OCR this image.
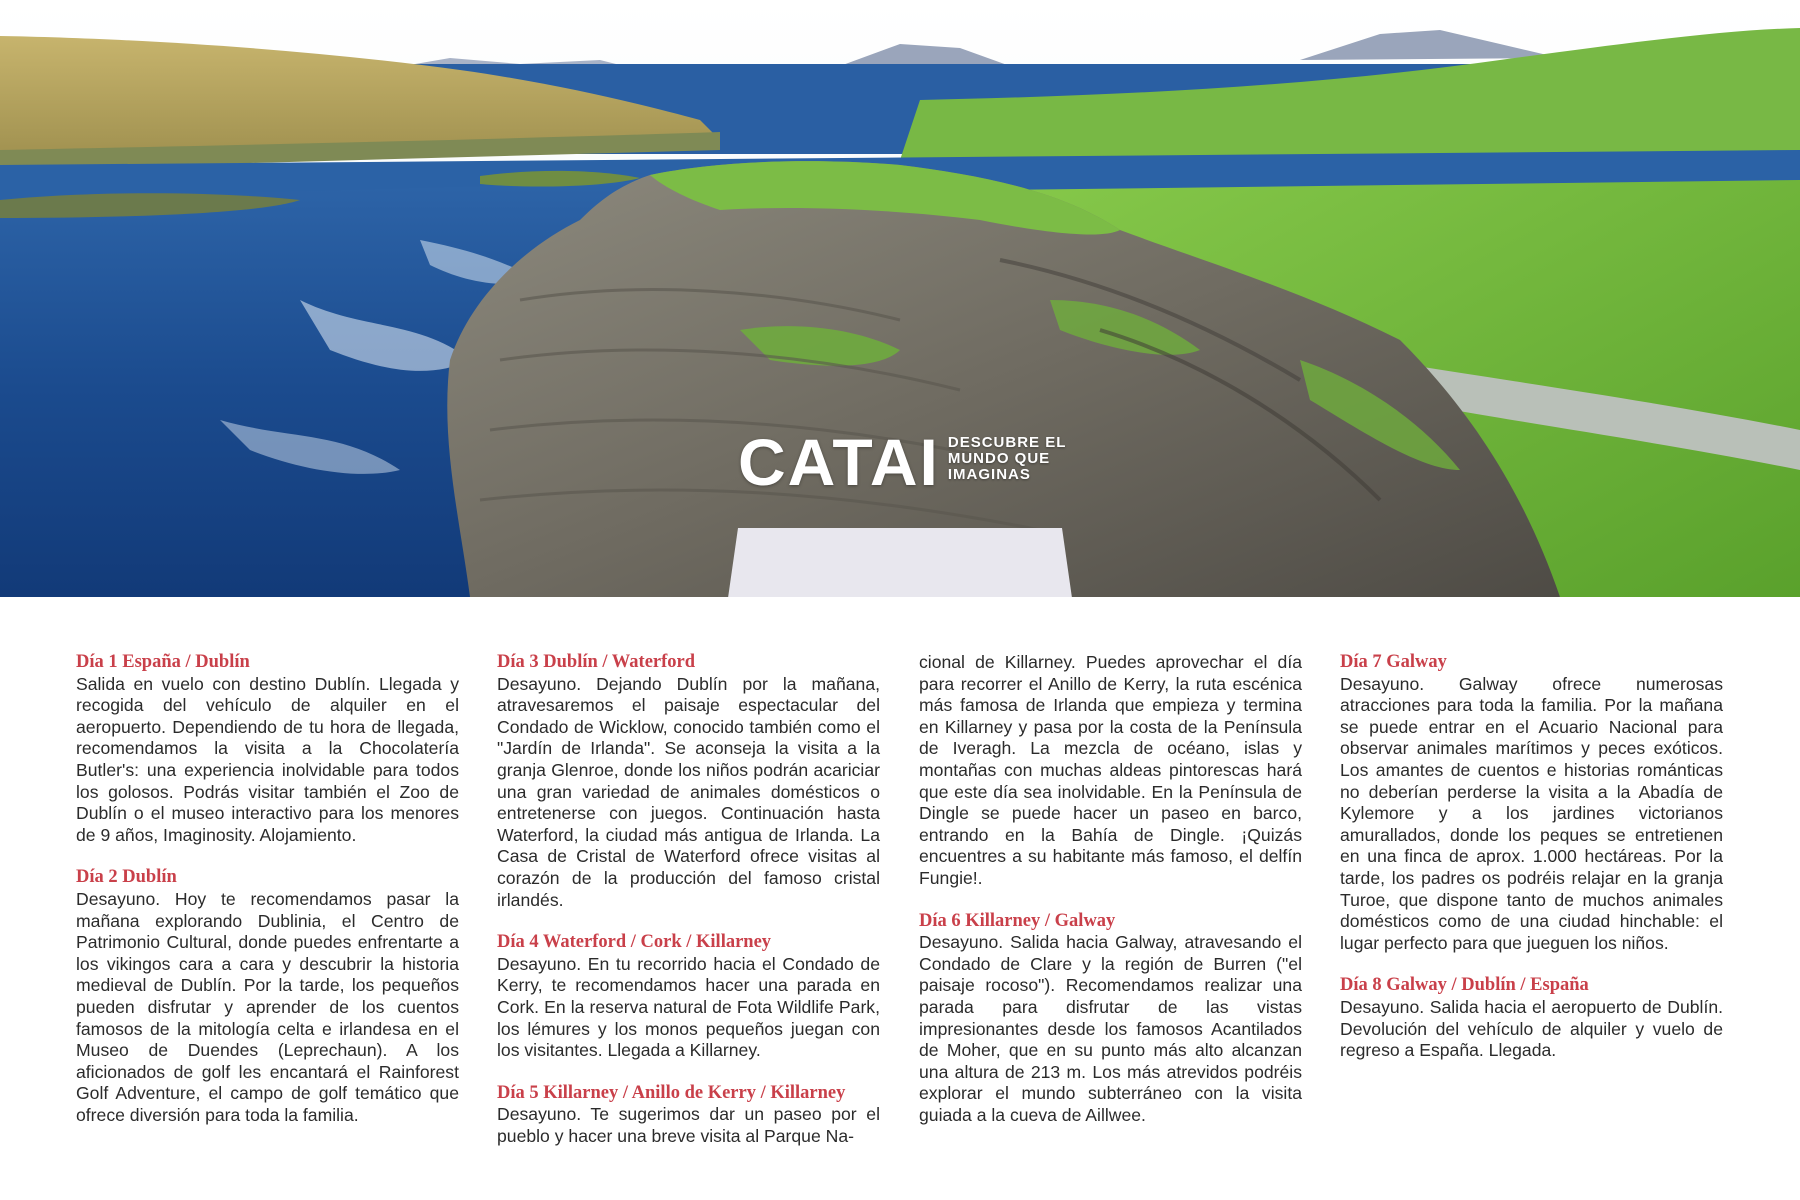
CATAI DESCUBRE EL
MUNDO QUE
IMAGINAS
Día 1 España / Dublín

Salida en vuelo con destino Dublín. Llegada y recogida del vehículo de alquiler en el aeropuerto. Dependiendo de tu hora de llegada, recomendamos la visita a la Chocolatería Butler's: una experiencia inolvidable para todos los golosos. Podrás visitar también el Zoo de Dublín o el museo interactivo para los menores de 9 años, Imaginosity. Alojamiento.

Día 2 Dublín

Desayuno. Hoy te recomendamos pasar la mañana explorando Dublinia, el Centro de Patrimonio Cultural, donde puedes enfrentarte a los vikingos cara a cara y descubrir la historia medieval de Dublín. Por la tarde, los pequeños pueden disfrutar y aprender de los cuentos famosos de la mitología celta e irlandesa en el Museo de Duendes (Leprechaun). A los aficionados de golf les encantará el Rainforest Golf Adventure, el campo de golf temático que ofrece diversión para toda la familia.

Día 3 Dublín / Waterford

Desayuno. Dejando Dublín por la mañana, atravesaremos el paisaje espectacular del Condado de Wicklow, conocido también como el "Jardín de Irlanda". Se aconseja la visita a la granja Glenroe, donde los niños podrán acariciar una gran variedad de animales domésticos o entretenerse con juegos. Continuación hasta Waterford, la ciudad más antigua de Irlanda. La Casa de Cristal de Waterford ofrece visitas al corazón de la producción del famoso cristal irlandés.

Día 4 Waterford / Cork / Killarney

Desayuno. En tu recorrido hacia el Condado de Kerry, te recomendamos hacer una parada en Cork. En la reserva natural de Fota Wildlife Park, los lémures y los monos pequeños juegan con los visitantes. Llegada a Killarney.

Día 5 Killarney / Anillo de Kerry / Killarney

Desayuno. Te sugerimos dar un paseo por el pueblo y hacer una breve visita al Parque Na-

cional de Killarney. Puedes aprovechar el día para recorrer el Anillo de Kerry, la ruta escénica más famosa de Irlanda que empieza y termina en Killarney y pasa por la costa de la Península de Iveragh. La mezcla de océano, islas y montañas con muchas aldeas pintorescas hará que este día sea inolvidable. En la Península de Dingle se puede hacer un paseo en barco, entrando en la Bahía de Dingle. ¡Quizás encuentres a su habitante más famoso, el delfín Fungie!.

Día 6 Killarney / Galway

Desayuno. Salida hacia Galway, atravesando el Condado de Clare y la región de Burren ("el paisaje rocoso"). Recomendamos realizar una parada para disfrutar de las vistas impresionantes desde los famosos Acantilados de Moher, que en su punto más alto alcanzan una altura de 213 m. Los más atrevidos podréis explorar el mundo subterráneo con la visita guiada a la cueva de Aillwee.

Día 7 Galway

Desayuno. Galway ofrece numerosas atracciones para toda la familia. Por la mañana se puede entrar en el Acuario Nacional para observar animales marítimos y peces exóticos. Los amantes de cuentos e historias románticas no deberían perderse la visita a la Abadía de Kylemore y a los jardines victorianos amurallados, donde los peques se entretienen en una finca de aprox. 1.000 hectáreas. Por la tarde, los padres os podréis relajar en la granja Turoe, que dispone tanto de muchos animales domésticos como de una ciudad hinchable: el lugar perfecto para que jueguen los niños.

Día 8 Galway / Dublín / España

Desayuno. Salida hacia el aeropuerto de Dublín. Devolución del vehículo de alquiler y vuelo de regreso a España. Llegada.
